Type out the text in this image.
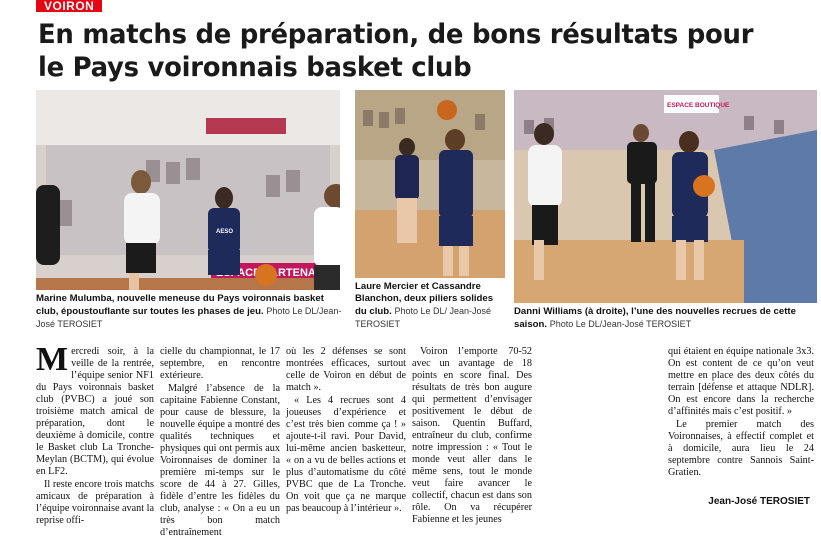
VOIRON
En matchs de préparation, de bons résultats pour le Pays voironnais basket club
PARTENAIRE
AESO
Marine Mulumba, nouvelle meneuse du Pays voironnais basket club, époustouflante sur toutes les phases de jeu. Photo Le DL/Jean-José TEROSIET
Laure Mercier et Cassandre Blanchon, deux piliers solides du club. Photo Le DL/ Jean-José TEROSIET
ESPACE BOUTIQUE
Danni Williams (à droite), l’une des nouvelles recrues de cette saison. Photo Le DL/Jean-José TEROSIET

Mercredi soir, à la veille de la rentrée, l’équipe senior NF1 du Pays voironnais basket club (PVBC) a joué son troisième match amical de préparation, dont le deuxième à domicile, contre le Basket club La Tronche-Meylan (BCTM), qui évolue en LF2.

Il reste encore trois matchs amicaux de préparation à l’équipe voironnaise avant la reprise offi-

cielle du championnat, le 17 septembre, en rencontre extérieure.

Malgré l’absence de la capitaine Fabienne Constant, pour cause de blessure, la nouvelle équipe a montré des qualités techniques et physiques qui ont permis aux Voironnaises de dominer la première mi-temps sur le score de 44 à 27. Gilles, fidèle d’entre les fidèles du club, analyse : « On a eu un très bon match d’entraînement

où les 2 défenses se sont montrées efficaces, surtout celle de Voiron en début de match ».

« Les 4 recrues sont 4 joueuses d’expérience et c’est très bien comme ça ! » ajoute-t-il ravi. Pour David, lui-même ancien basketteur, « on a vu de belles actions et plus d’automatisme du côté PVBC que de La Tronche. On voit que ça ne marque pas beaucoup à l’intérieur ».

Voiron l’emporte 70-52 avec un avantage de 18 points en score final. Des résultats de très bon augure qui permettent d’envisager positivement le début de saison. Quentin Buffard, entraîneur du club, confirme notre impression : « Tout le monde veut aller dans le même sens, tout le monde veut faire avancer le collectif, chacun est dans son rôle. On va récupérer Fabienne et les jeunes

qui étaient en équipe nationale 3x3. On est content de ce qu’on veut mettre en place des deux côtés du terrain [défense et attaque NDLR]. On est encore dans la recherche d’affinités mais c’est positif. »

Le premier match des Voironnaises, à effectif complet et à domicile, aura lieu le 24 septembre contre Sannois Saint-Gratien.

Jean-José TEROSIET
